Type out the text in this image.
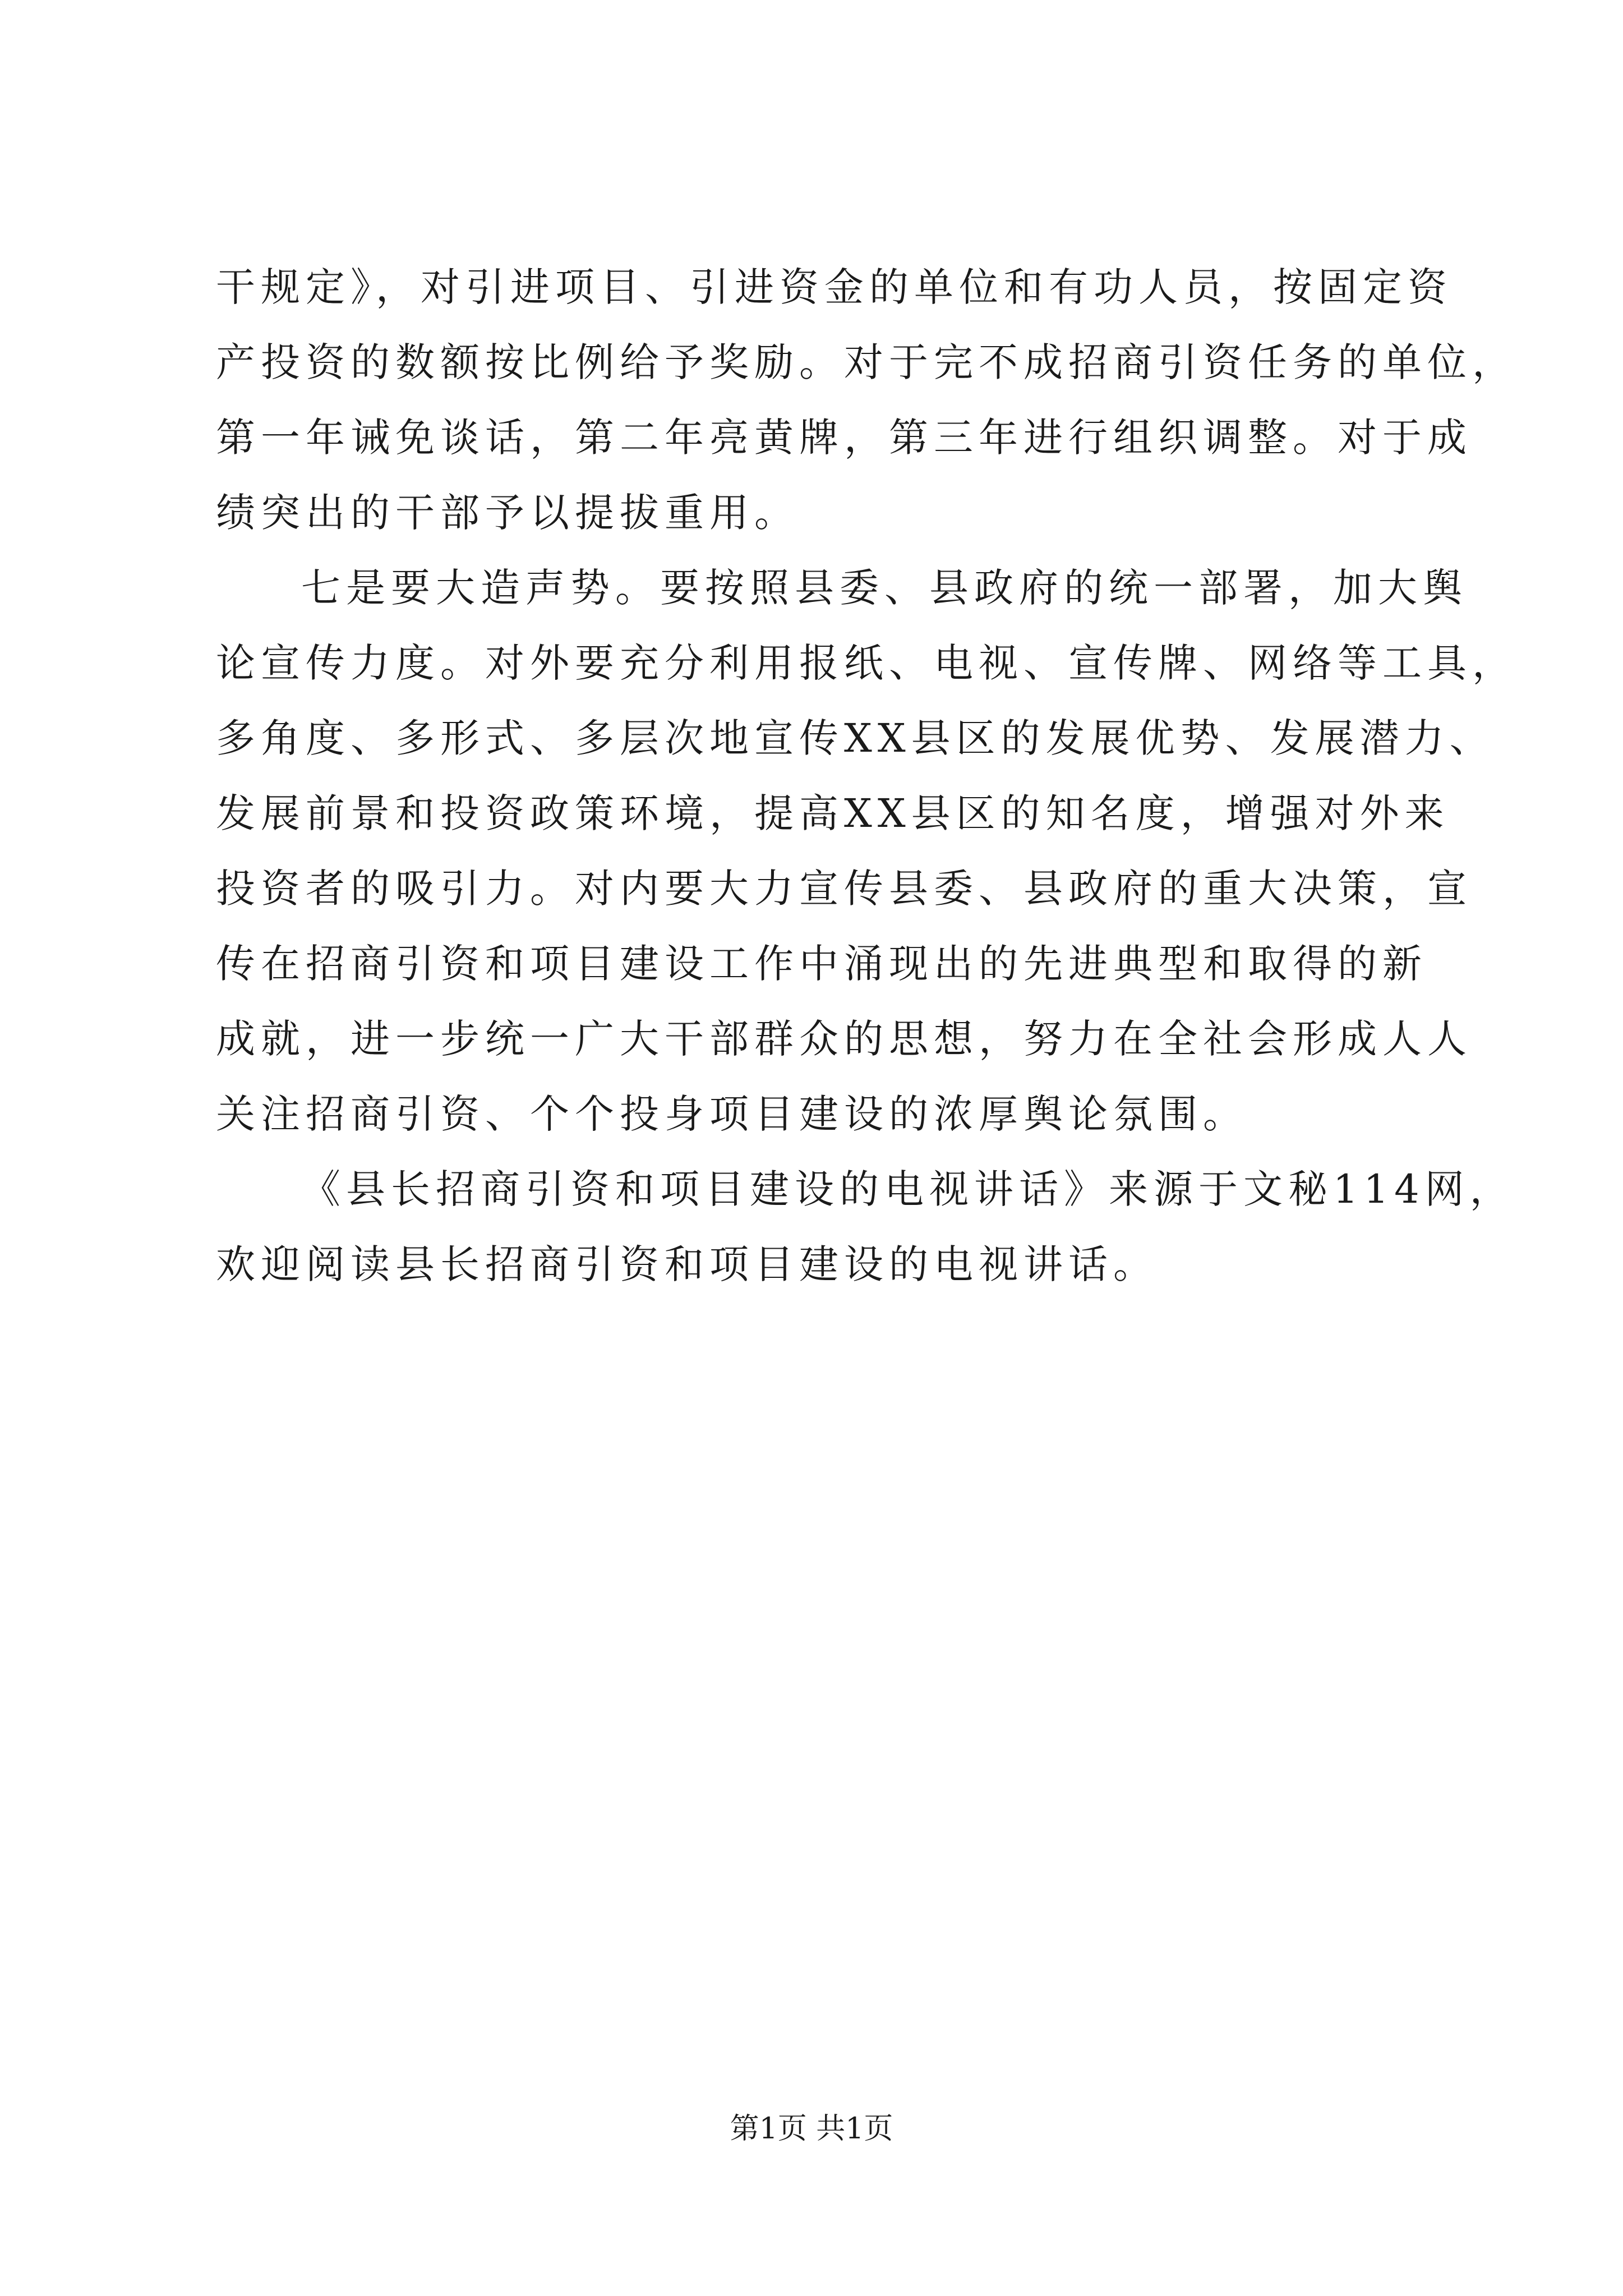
干规定》，对引进项目、引进资金的单位和有功人员，按固定资
产投资的数额按比例给予奖励。对于完不成招商引资任务的单位，
第一年诫免谈话，第二年亮黄牌，第三年进行组织调整。对于成
绩突出的干部予以提拔重用。
七是要大造声势。要按照县委、县政府的统一部署，加大舆
论宣传力度。对外要充分利用报纸、电视、宣传牌、网络等工具，
多角度、多形式、多层次地宣传XX县区的发展优势、发展潜力、
发展前景和投资政策环境，提高XX县区的知名度，增强对外来
投资者的吸引力。对内要大力宣传县委、县政府的重大决策，宣
传在招商引资和项目建设工作中涌现出的先进典型和取得的新
成就，进一步统一广大干部群众的思想，努力在全社会形成人人
关注招商引资、个个投身项目建设的浓厚舆论氛围。
《县长招商引资和项目建设的电视讲话》来源于文秘114网，
欢迎阅读县长招商引资和项目建设的电视讲话。
第1页 共1页
